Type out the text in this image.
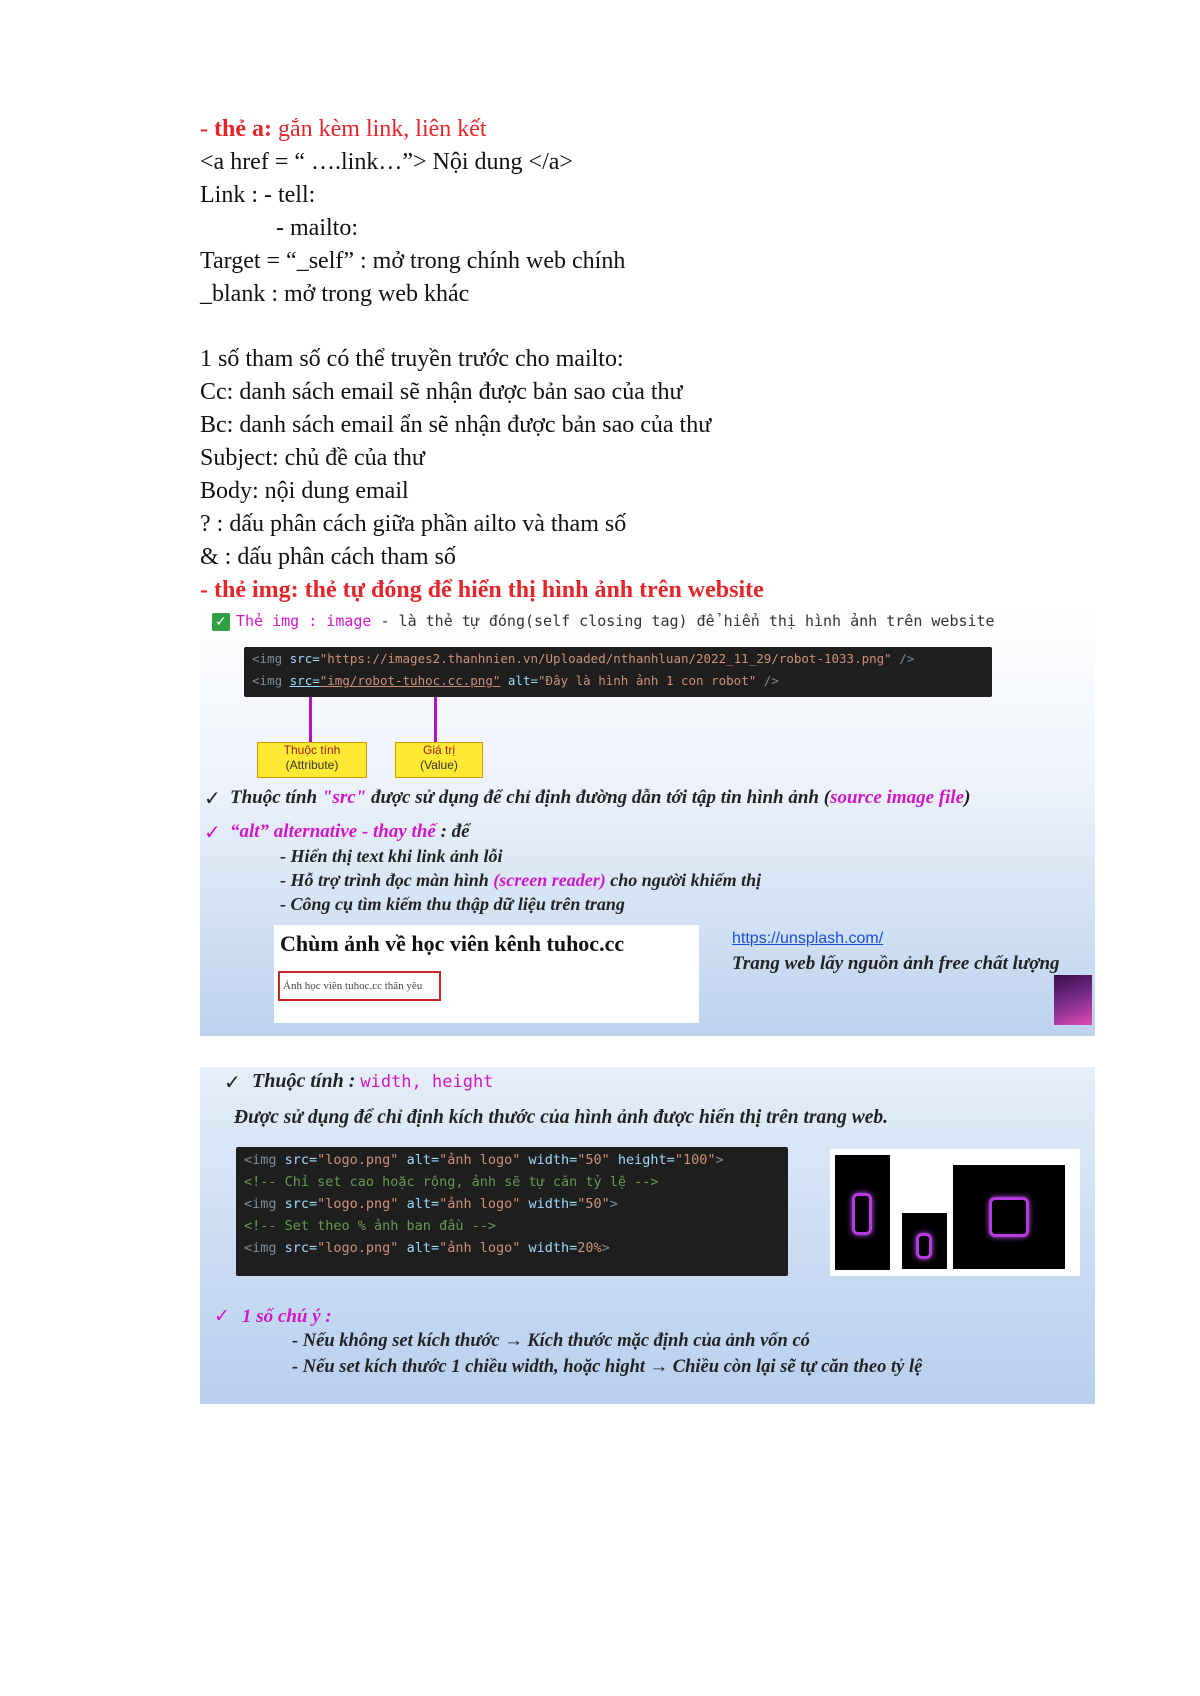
- thẻ a: gắn kèm link, liên kết
<a href = “ ….link…”> Nội dung </a>
Link : - tell:
- mailto:
Target = “_self” : mở trong chính web chính
_blank : mở trong web khác
1 số tham số có thể truyền trước cho mailto:
Cc: danh sách email sẽ nhận được bản sao của thư
Bc: danh sách email ẩn sẽ nhận được bản sao của thư
Subject: chủ đề của thư
Body: nội dung email
? : dấu phân cách giữa phần ailto và tham số
& : dấu phân cách tham số
- thẻ img: thẻ tự đóng để hiển thị hình ảnh trên website
✓ Thẻ img : image - là thẻ tự đóng(self closing tag) để hiển thị hình ảnh trên website
<img src="https://images2.thanhnien.vn/Uploaded/nthanhluan/2022_11_29/robot-1033.png" />
<img src="img/robot-tuhoc.cc.png" alt="Đây là hình ảnh 1 con robot" />
Thuộc tính
(Attribute)
Giá trị
(Value)
✓ Thuộc tính "src" được sử dụng để chỉ định đường dẫn tới tập tin hình ảnh (source image file)
✓ “alt” alternative - thay thế : để
- Hiển thị text khi link ảnh lỗi
- Hỗ trợ trình đọc màn hình (screen reader) cho người khiếm thị
- Công cụ tìm kiếm thu thập dữ liệu trên trang
Chùm ảnh về học viên kênh tuhoc.cc
Ảnh học viên tuhoc.cc thân yêu
https://unsplash.com/
Trang web lấy nguồn ảnh free chất lượng
✓ Thuộc tính : width, height
Được sử dụng để chỉ định kích thước của hình ảnh được hiển thị trên trang web.
<img src="logo.png" alt="ảnh logo" width="50" height="100">
<!-- Chỉ set cao hoặc rộng, ảnh sẽ tự căn tỷ lệ -->
<img src="logo.png" alt="ảnh logo" width="50">
<!-- Set theo % ảnh ban đầu -->
<img src="logo.png" alt="ảnh logo" width=20%>
✓ 1 số chú ý :
- Nếu không set kích thước → Kích thước mặc định của ảnh vốn có
- Nếu set kích thước 1 chiều width, hoặc hight → Chiều còn lại sẽ tự căn theo tỷ lệ
